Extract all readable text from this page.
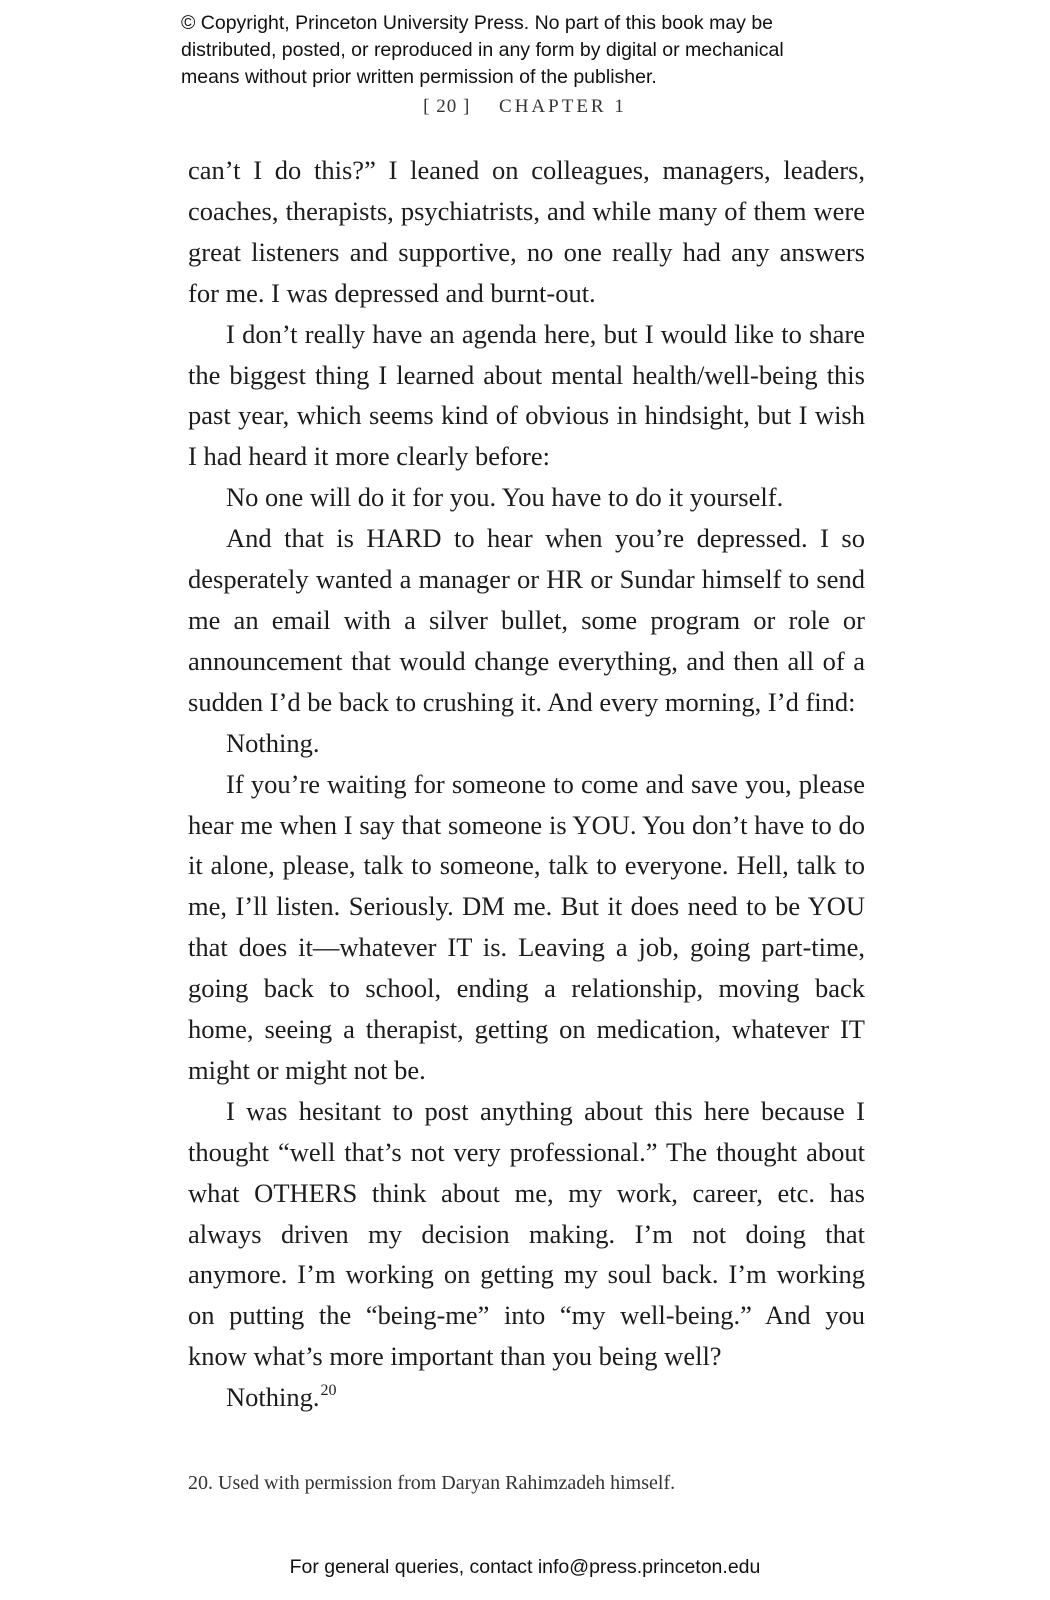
© Copyright, Princeton University Press. No part of this book may be
distributed, posted, or reproduced in any form by digital or mechanical
means without prior written permission of the publisher.
[ 20 ] CHAPTER 1

can’t I do this?” I leaned on colleagues, managers, leaders, coaches, therapists, psychiatrists, and while many of them were great listeners and supportive, no one really had any answers for me. I was depressed and burnt-out.

I don’t really have an agenda here, but I would like to share the biggest thing I learned about mental health/well-being this past year, which seems kind of obvious in hindsight, but I wish I had heard it more clearly before:

No one will do it for you. You have to do it yourself.

And that is HARD to hear when you’re depressed. I so desperately wanted a manager or HR or Sundar himself to send me an email with a silver bullet, some program or role or announcement that would change everything, and then all of a sudden I’d be back to crushing it. And every morning, I’d find:

Nothing.

If you’re waiting for someone to come and save you, please hear me when I say that someone is YOU. You don’t have to do it alone, please, talk to someone, talk to everyone. Hell, talk to me, I’ll listen. Seriously. DM me. But it does need to be YOU that does it—whatever IT is. Leaving a job, going part-time, going back to school, ending a relationship, moving back home, seeing a therapist, getting on medication, whatever IT might or might not be.

I was hesitant to post anything about this here because I thought “well that’s not very professional.” The thought about what OTHERS think about me, my work, career, etc. has always driven my decision making. I’m not doing that anymore. I’m working on getting my soul back. I’m working on putting the “being-me” into “my well-being.” And you know what’s more important than you being well?

Nothing.$^{20}$

20. Used with permission from Daryan Rahimzadeh himself.
For general queries, contact info@press.princeton.edu
